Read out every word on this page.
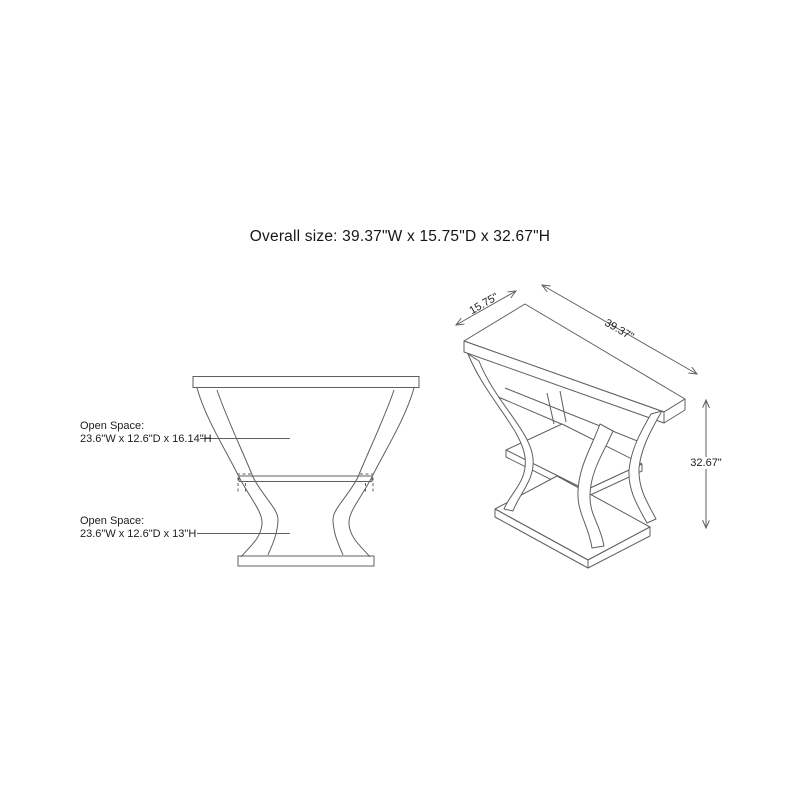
Overall size: 39.37"W x 15.75"D x 32.67"H
Open Space:
23.6"W x 12.6"D x 16.14"H
Open Space:
23.6"W x 12.6"D x 13"H
15.75"
39.37"
32.67"
